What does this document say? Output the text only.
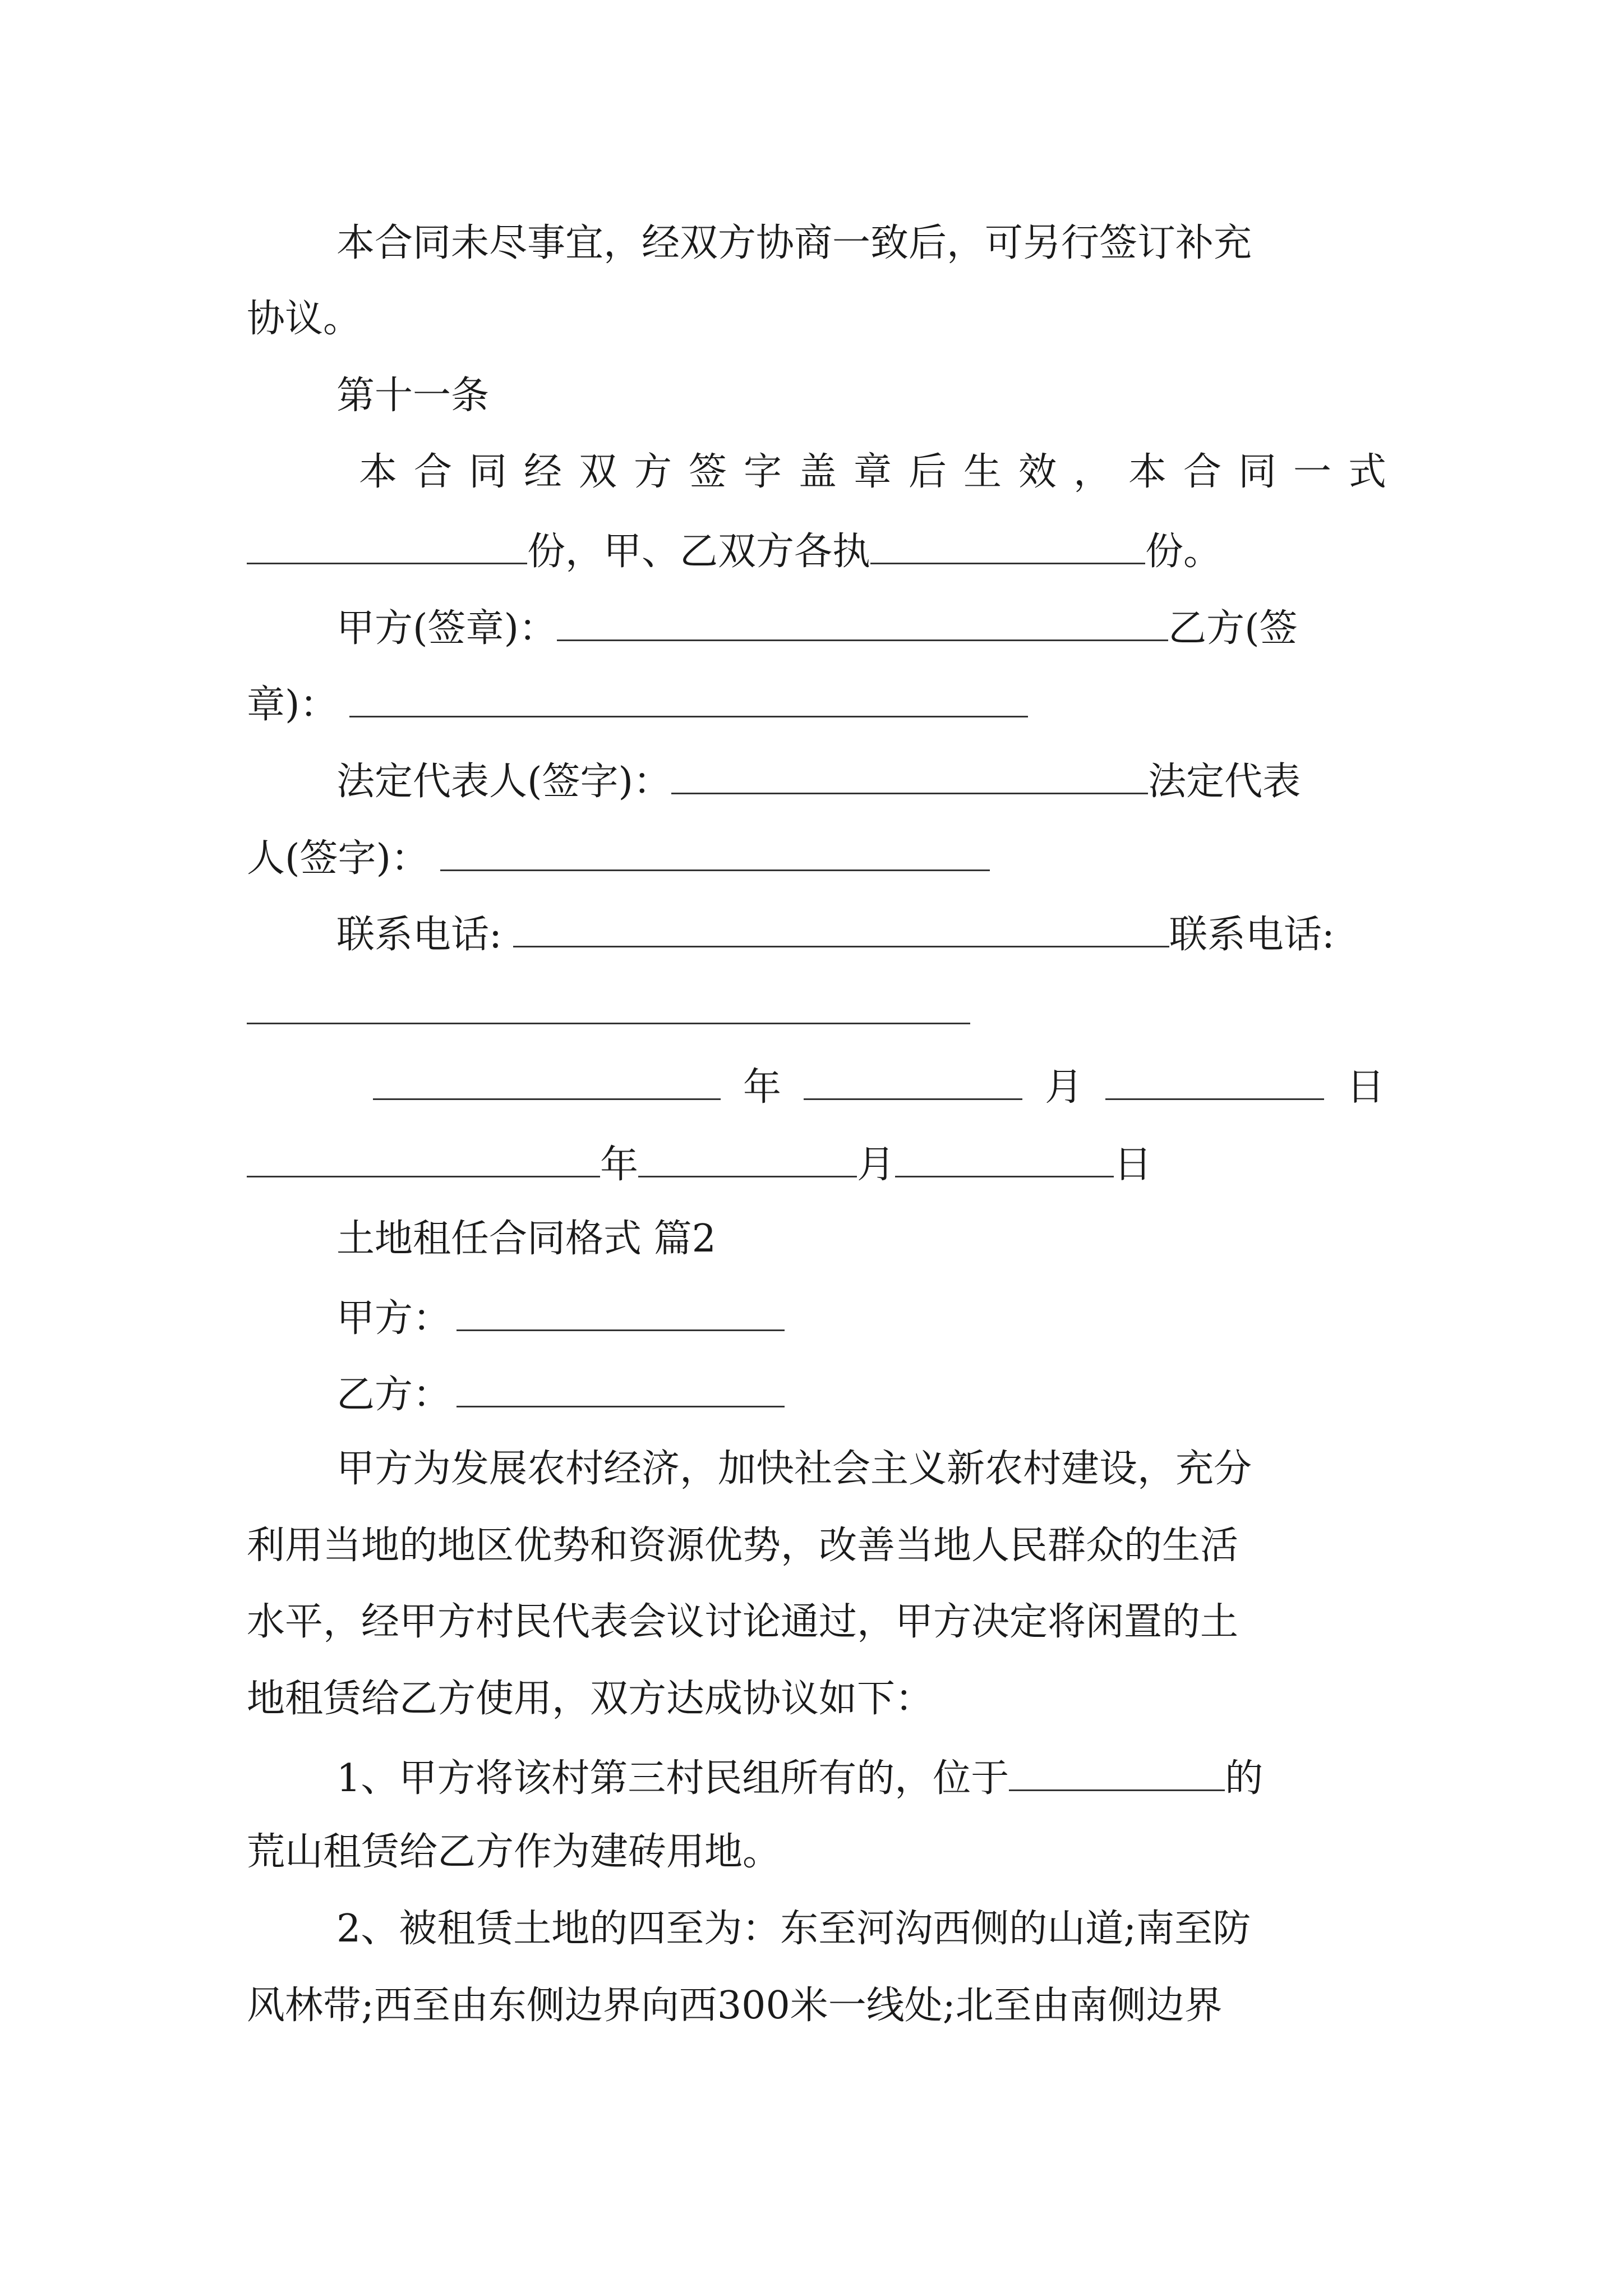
本合同未尽事宜，经双方协商一致后，可另行签订补充
协议。
第十一条
本合同经双方签字盖章后生效，本合同一式
份，甲、乙双方各执	份。
甲方(签章)：	乙方(签
章)：
法定代表人(签字)：	法定代表
人(签字)：
联系电话:	联系电话:
年	月	日
年	月	日
土地租任合同格式 篇2
甲方：
乙方：
甲方为发展农村经济，加快社会主义新农村建设，充分
利用当地的地区优势和资源优势，改善当地人民群众的生活
水平，经甲方村民代表会议讨论通过，甲方决定将闲置的土
地租赁给乙方使用，双方达成协议如下：
1、甲方将该村第三村民组所有的，位于	的
荒山租赁给乙方作为建砖用地。
2、被租赁土地的四至为：东至河沟西侧的山道;南至防
风林带;西至由东侧边界向西300米一线处;北至由南侧边界
